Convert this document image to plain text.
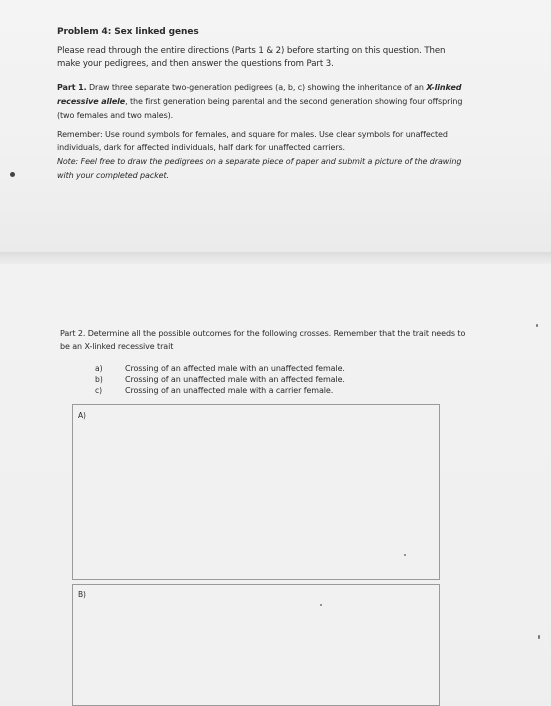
Problem 4: Sex linked genes
Please read through the entire directions (Parts 1 & 2) before starting on this question. Then
make your pedigrees, and then answer the questions from Part 3.
Part 1. Draw three separate two-generation pedigrees (a, b, c) showing the inheritance of an X-linked
recessive allele, the first generation being parental and the second generation showing four offspring
(two females and two males).
Remember: Use round symbols for females, and square for males. Use clear symbols for unaffected
individuals, dark for affected individuals, half dark for unaffected carriers.
Note: Feel free to draw the pedigrees on a separate piece of paper and submit a picture of the drawing
with your completed packet.
Part 2. Determine all the possible outcomes for the following crosses. Remember that the trait needs to
be an X-linked recessive trait
a)	Crossing of an affected male with an unaffected female.
b)	Crossing of an unaffected male with an affected female.
c)	Crossing of an unaffected male with a carrier female.
A)
B)
